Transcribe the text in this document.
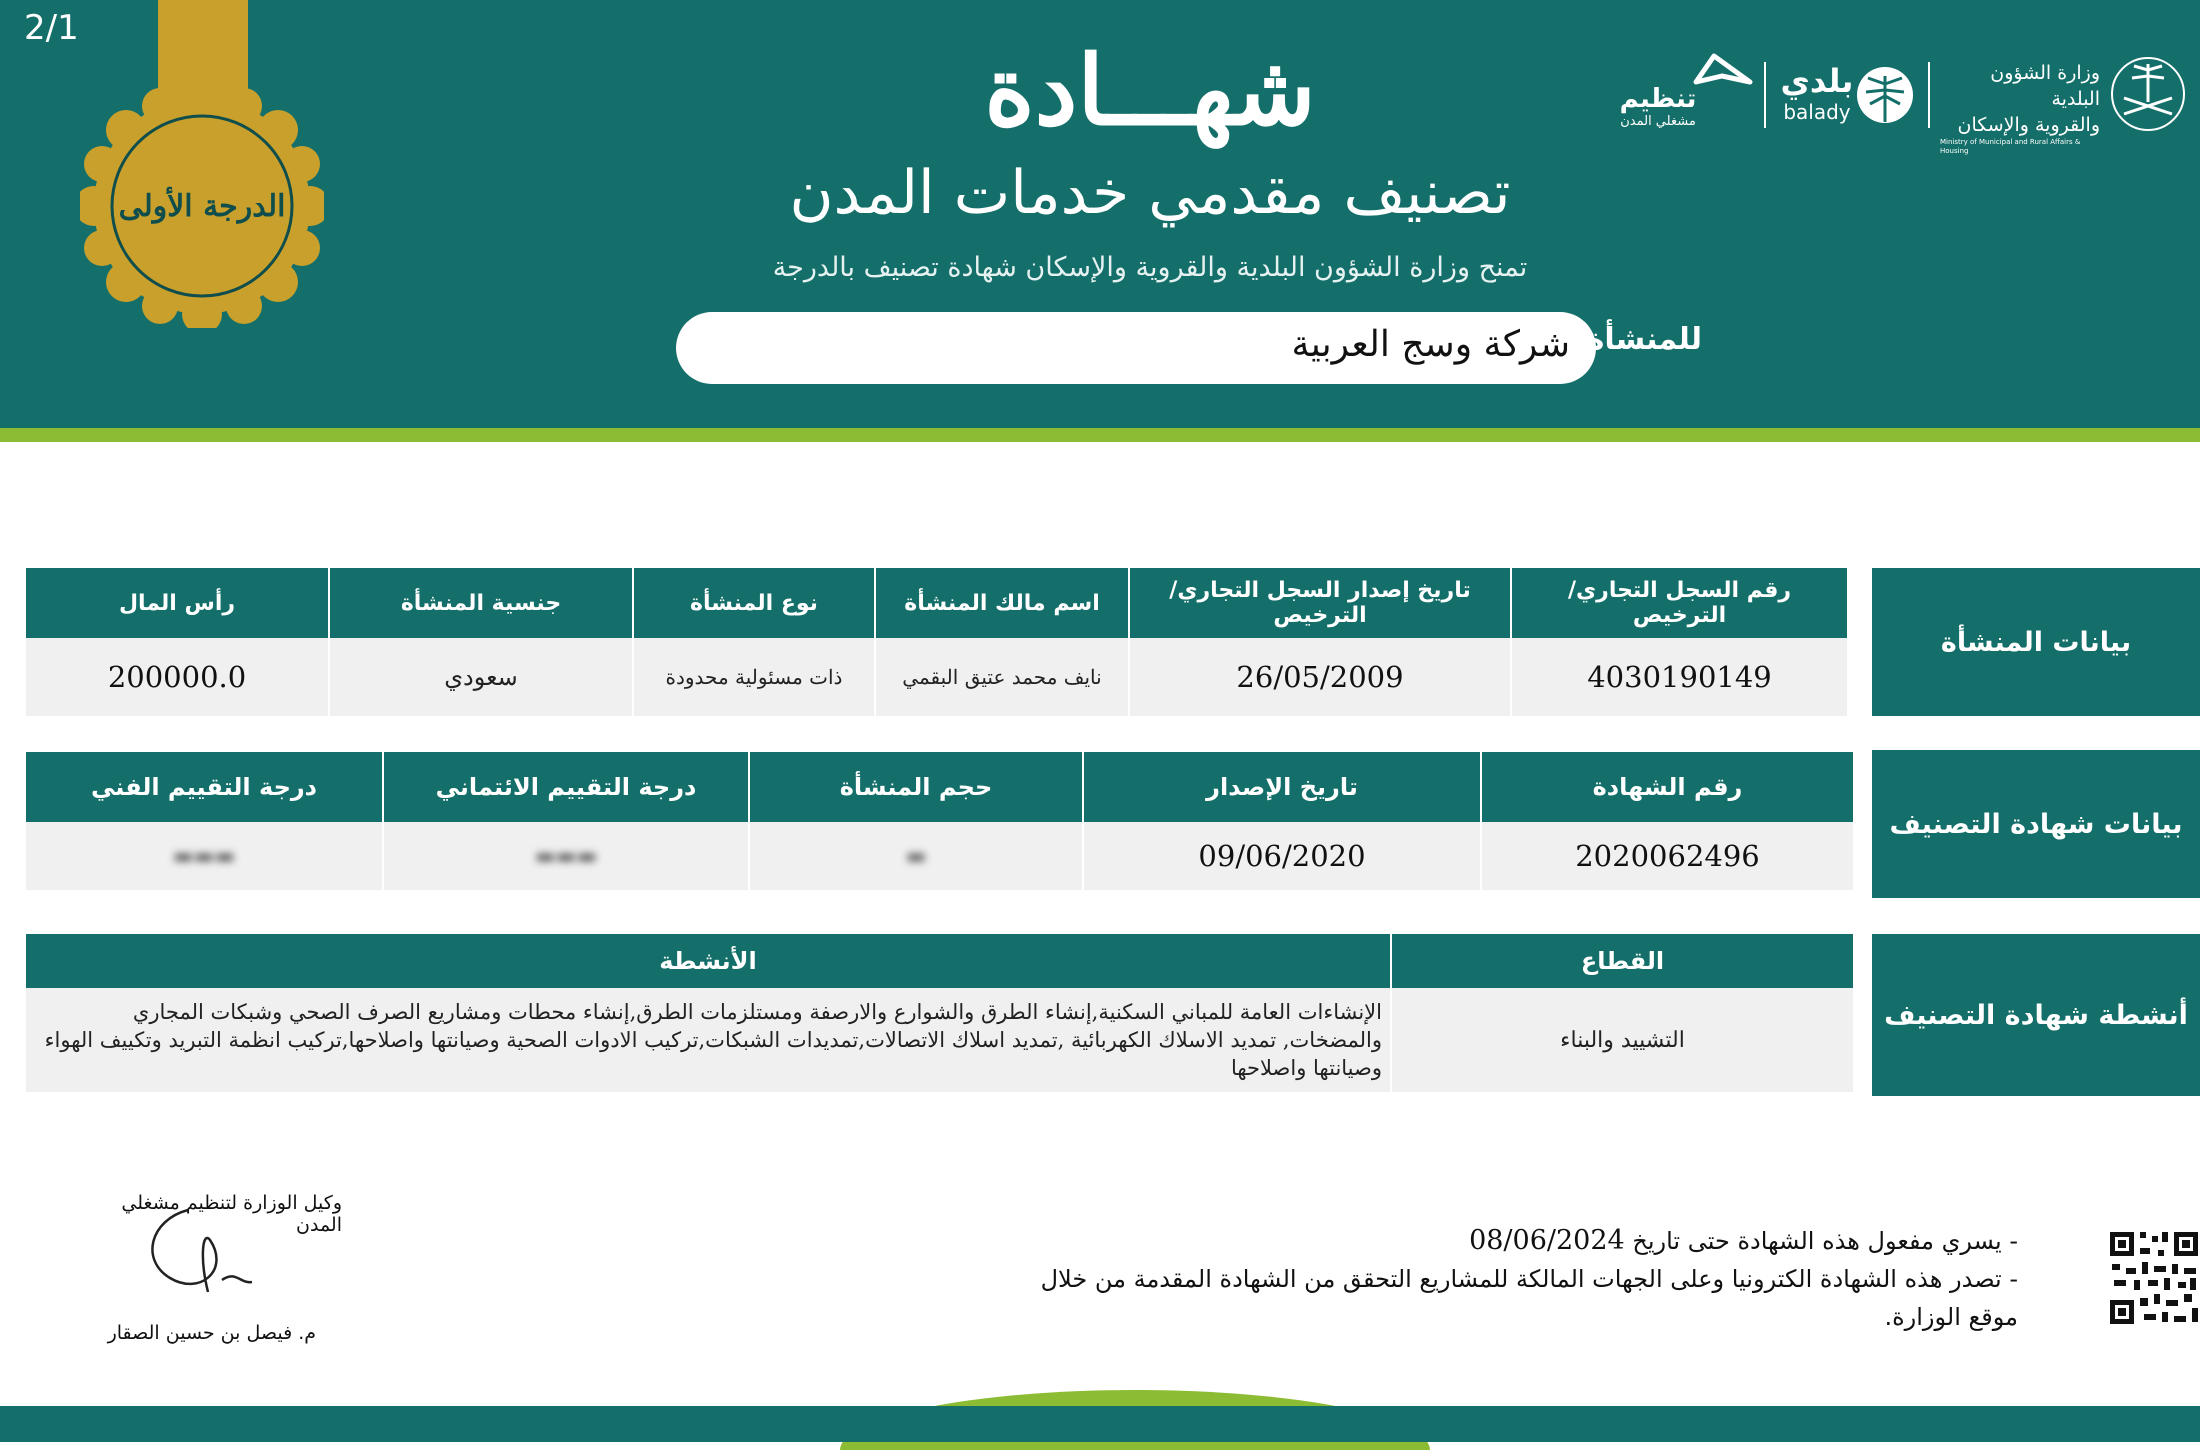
2/1
الدرجة الأولى
شهـــادة
تصنيف مقدمي خدمات المدن
تمنح وزارة الشؤون البلدية والقروية والإسكان شهادة تصنيف بالدرجة
شركة وسج العربية للمنشأة
تنظيم
مشغلي المدن
بلدي
balady
وزارة الشؤون البلدية
والقروية والإسكان
Ministry of Municipal and Rural Affairs & Housing
بيانات المنشأة
رقم السجل التجاري/ الترخيص	تاريخ إصدار السجل التجاري/ الترخيص	اسم مالك المنشأة	نوع المنشأة	جنسية المنشأة	رأس المال
4030190149	26/05/2009	نايف محمد عتيق البقمي	ذات مسئولية محدودة	سعودي	200000.0
بيانات شهادة التصنيف
رقم الشهادة	تاريخ الإصدار	حجم المنشأة	درجة التقييم الائتماني	درجة التقييم الفني
2020062496	09/06/2020	▬	▬▬▬	▬▬▬
أنشطة شهادة التصنيف
القطاع	الأنشطة
التشييد والبناء	الإنشاءات العامة للمباني السكنية,إنشاء الطرق والشوارع والارصفة ومستلزمات الطرق,إنشاء محطات ومشاريع الصرف الصحي وشبكات المجاري والمضخات, تمديد الاسلاك الكهربائية ,تمديد اسلاك الاتصالات,تمديدات الشبكات,تركيب الادوات الصحية وصيانتها واصلاحها,تركيب انظمة التبريد وتكييف الهواء وصيانتها واصلاحها
- يسري مفعول هذه الشهادة حتى تاريخ 08/06/2024
- تصدر هذه الشهادة الكترونيا وعلى الجهات المالكة للمشاريع التحقق من الشهادة المقدمة من خلال موقع الوزارة.
وكيل الوزارة لتنظيم مشغلي المدن
م. فيصل بن حسين الصقار
